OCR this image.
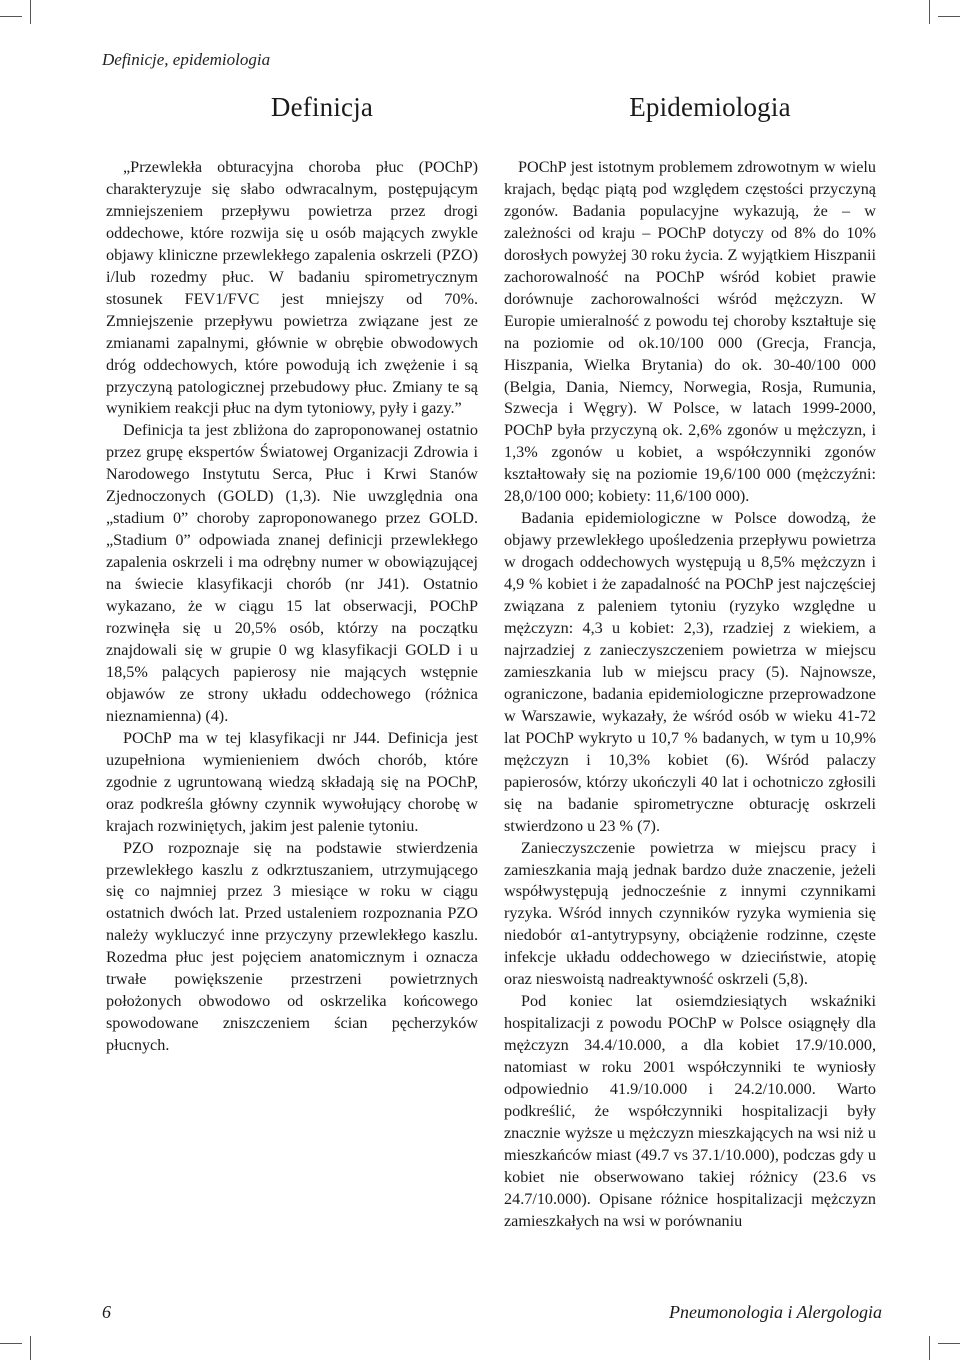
Definicje, epidemiologia
Definicja

„Przewlekła obturacyjna choroba płuc (POChP) charakteryzuje się słabo odwracalnym, postępującym zmniejszeniem przepływu powietrza przez drogi oddechowe, które rozwija się u osób mających zwykle objawy kliniczne przewlekłego zapalenia oskrzeli (PZO) i/lub rozedmy płuc. W badaniu spirometrycznym stosunek FEV1/FVC jest mniejszy od 70%. Zmniejszenie przepływu powietrza związane jest ze zmianami zapalnymi, głównie w obrębie obwodowych dróg oddechowych, które powodują ich zwężenie i są przyczyną patologicznej przebudowy płuc. Zmiany te są wynikiem reakcji płuc na dym tytoniowy, pyły i gazy.”

Definicja ta jest zbliżona do zaproponowanej ostatnio przez grupę ekspertów Światowej Organizacji Zdrowia i Narodowego Instytutu Serca, Płuc i Krwi Stanów Zjednoczonych (GOLD) (1,3). Nie uwzględnia ona „stadium 0” choroby zaproponowanego przez GOLD. „Stadium 0” odpowiada znanej definicji przewlekłego zapalenia oskrzeli i ma odrębny numer w obowiązującej na świecie klasyfikacji chorób (nr J41). Ostatnio wykazano, że w ciągu 15 lat obserwacji, POChP rozwinęła się u 20,5% osób, którzy na początku znajdowali się w grupie 0 wg klasyfikacji GOLD i u 18,5% palących papierosy nie mających wstępnie objawów ze strony układu oddechowego (różnica nieznamienna) (4).

POChP ma w tej klasyfikacji nr J44. Definicja jest uzupełniona wymienieniem dwóch chorób, które zgodnie z ugruntowaną wiedzą składają się na POChP, oraz podkreśla główny czynnik wywołujący chorobę w krajach rozwiniętych, jakim jest palenie tytoniu.

PZO rozpoznaje się na podstawie stwierdzenia przewlekłego kaszlu z odkrztuszaniem, utrzymującego się co najmniej przez 3 miesiące w roku w ciągu ostatnich dwóch lat. Przed ustaleniem rozpoznania PZO należy wykluczyć inne przyczyny przewlekłego kaszlu. Rozedma płuc jest pojęciem anatomicznym i oznacza trwałe powiększenie przestrzeni powietrznych położonych obwodowo od oskrzelika końcowego spowodowane zniszczeniem ścian pęcherzyków płucnych.

Epidemiologia

POChP jest istotnym problemem zdrowotnym w wielu krajach, będąc piątą pod względem częstości przyczyną zgonów. Badania populacyjne wykazują, że – w zależności od kraju – POChP dotyczy od 8% do 10% dorosłych powyżej 30 roku życia. Z wyjątkiem Hiszpanii zachorowalność na POChP wśród kobiet prawie dorównuje zachorowalności wśród mężczyzn. W Europie umieralność z powodu tej choroby kształtuje się na poziomie od ok.10/100 000 (Grecja, Francja, Hiszpania, Wielka Brytania) do ok. 30-40/100 000 (Belgia, Dania, Niemcy, Norwegia, Rosja, Rumunia, Szwecja i Węgry). W Polsce, w latach 1999-2000, POChP była przyczyną ok. 2,6% zgonów u mężczyzn, i 1,3% zgonów u kobiet, a współczynniki zgonów kształtowały się na poziomie 19,6/100 000 (mężczyźni: 28,0/100 000; kobiety: 11,6/100 000).

Badania epidemiologiczne w Polsce dowodzą, że objawy przewlekłego upośledzenia przepływu powietrza w drogach oddechowych występują u 8,5% mężczyzn i 4,9 % kobiet i że zapadalność na POChP jest najczęściej związana z paleniem tytoniu (ryzyko względne u mężczyzn: 4,3 u kobiet: 2,3), rzadziej z wiekiem, a najrzadziej z zanieczyszczeniem powietrza w miejscu zamieszkania lub w miejscu pracy (5). Najnowsze, ograniczone, badania epidemiologiczne przeprowadzone w Warszawie, wykazały, że wśród osób w wieku 41-72 lat POChP wykryto u 10,7 % badanych, w tym u 10,9% mężczyzn i 10,3% kobiet (6). Wśród palaczy papierosów, którzy ukończyli 40 lat i ochotniczo zgłosili się na badanie spirometryczne obturację oskrzeli stwierdzono u 23 % (7).

Zanieczyszczenie powietrza w miejscu pracy i zamieszkania mają jednak bardzo duże znaczenie, jeżeli współwystępują jednocześnie z innymi czynnikami ryzyka. Wśród innych czynników ryzyka wymienia się niedobór α1-antytrypsyny, obciążenie rodzinne, częste infekcje układu oddechowego w dzieciństwie, atopię oraz nieswoistą nadreaktywność oskrzeli (5,8).

Pod koniec lat osiemdziesiątych wskaźniki hospitalizacji z powodu POChP w Polsce osiągnęły dla mężczyzn 34.4/10.000, a dla kobiet 17.9/10.000, natomiast w roku 2001 współczynniki te wyniosły odpowiednio 41.9/10.000 i 24.2/10.000. Warto podkreślić, że współczynniki hospitalizacji były znacznie wyższe u mężczyzn mieszkających na wsi niż u mieszkańców miast (49.7 vs 37.1/10.000), podczas gdy u kobiet nie obserwowano takiej różnicy (23.6 vs 24.7/10.000). Opisane różnice hospitalizacji mężczyzn zamieszkałych na wsi w porównaniu

6	Pneumonologia i Alergologia
